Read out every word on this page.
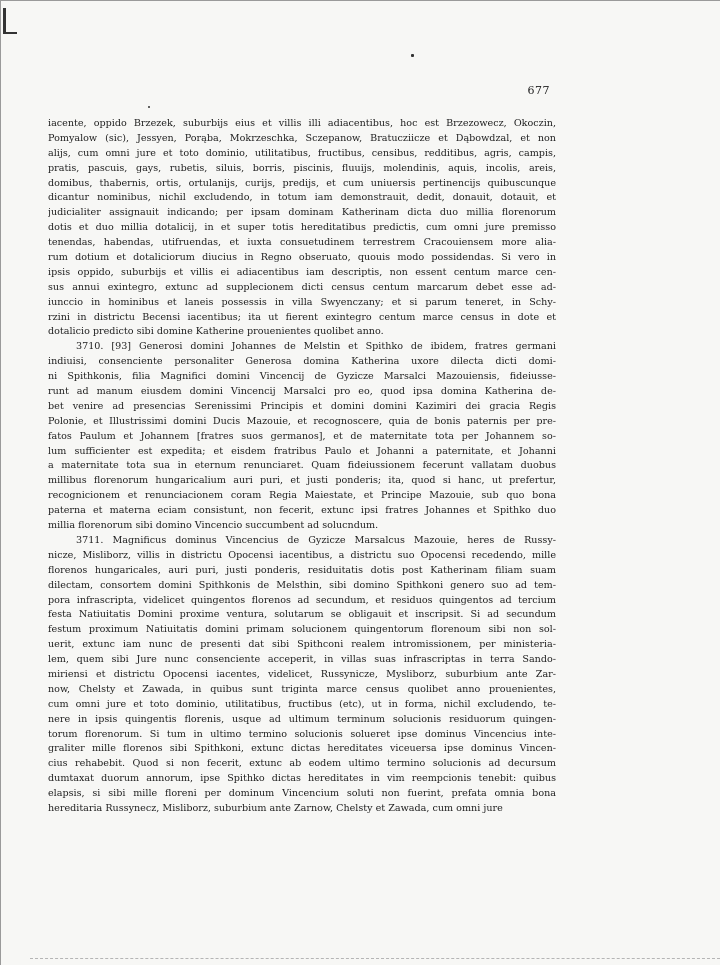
677
iacente, oppido Brzezek, suburbijs eius et villis illi adiacentibus, hoc est Brzezowecz, Okoczin,
Pomyalow (sic), Jessyen, Porąba, Mokrzeschka, Sczepanow, Bratucziicze et Dąbowdzal, et non
alijs, cum omni jure et toto dominio, utilitatibus, fructibus, censibus, redditibus, agris, campis,
pratis, pascuis, gays, rubetis, siluis, borris, piscinis, fluuijs, molendinis, aquis, incolis, areis,
domibus, thabernis, ortis, ortulanijs, curijs, predijs, et cum uniuersis pertinencijs quibuscunque
dicantur nominibus, nichil excludendo, in totum iam demonstrauit, dedit, donauit, dotauit, et
judicialiter assignauit indicando; per ipsam dominam Katherinam dicta duo millia florenorum
dotis et duo millia dotalicij, in et super totis hereditatibus predictis, cum omni jure premisso
tenendas, habendas, utifruendas, et iuxta consuetudinem terrestrem Cracouiensem more alia-
rum dotium et dotaliciorum diucius in Regno obseruato, quouis modo possidendas. Si vero in
ipsis oppido, suburbijs et villis ei adiacentibus iam descriptis, non essent centum marce cen-
sus annui exintegro, extunc ad supplecionem dicti census centum marcarum debet esse ad-
iunccio in hominibus et laneis possessis in villa Swyenczany; et si parum teneret, in Schy-
rzini in districtu Becensi iacentibus; ita ut fierent exintegro centum marce census in dote et
dotalicio predicto sibi domine Katherine prouenientes quolibet anno.
3710. [93] Generosi domini Johannes de Melstin et Spithko de ibidem, fratres germani
indiuisi, consenciente personaliter Generosa domina Katherina uxore dilecta dicti domi-
ni Spithkonis, filia Magnifici domini Vincencij de Gyzicze Marsalci Mazouiensis, fideiusse-
runt ad manum eiusdem domini Vincencij Marsalci pro eo, quod ipsa domina Katherina de-
bet venire ad presencias Serenissimi Principis et domini domini Kazimiri dei gracia Regis
Polonie, et Illustrissimi domini Ducis Mazouie, et recognoscere, quia de bonis paternis per pre-
fatos Paulum et Johannem [fratres suos germanos], et de maternitate tota per Johannem so-
lum sufficienter est expedita; et eisdem fratribus Paulo et Johanni a paternitate, et Johanni
a maternitate tota sua in eternum renunciaret. Quam fideiussionem fecerunt vallatam duobus
millibus florenorum hungaricalium auri puri, et justi ponderis; ita, quod si hanc, ut prefertur,
recognicionem et renunciacionem coram Regia Maiestate, et Principe Mazouie, sub quo bona
paterna et materna eciam consistunt, non fecerit, extunc ipsi fratres Johannes et Spithko duo
millia florenorum sibi domino Vincencio succumbent ad solucndum.
3711. Magnificus dominus Vincencius de Gyzicze Marsalcus Mazouie, heres de Russy-
nicze, Misliborz, villis in districtu Opocensi iacentibus, a districtu suo Opocensi recedendo, mille
florenos hungaricales, auri puri, justi ponderis, residuitatis dotis post Katherinam filiam suam
dilectam, consortem domini Spithkonis de Melsthin, sibi domino Spithkoni genero suo ad tem-
pora infrascripta, videlicet quingentos florenos ad secundum, et residuos quingentos ad tercium
festa Natiuitatis Domini proxime ventura, solutarum se obligauit et inscripsit. Si ad secundum
festum proximum Natiuitatis domini primam solucionem quingentorum florenoum sibi non sol-
uerit, extunc iam nunc de presenti dat sibi Spithconi realem intromissionem, per ministeria-
lem, quem sibi Jure nunc consenciente acceperit, in villas suas infrascriptas in terra Sando-
miriensi et districtu Opocensi iacentes, videlicet, Russynicze, Mysliborz, suburbium ante Zar-
now, Chelsty et Zawada, in quibus sunt triginta marce census quolibet anno prouenientes,
cum omni jure et toto dominio, utilitatibus, fructibus (etc), ut in forma, nichil excludendo, te-
nere in ipsis quingentis florenis, usque ad ultimum terminum solucionis residuorum quingen-
torum florenorum. Si tum in ultimo termino solucionis solueret ipse dominus Vincencius inte-
graliter mille florenos sibi Spithkoni, extunc dictas hereditates viceuersa ipse dominus Vincen-
cius rehabebit. Quod si non fecerit, extunc ab eodem ultimo termino solucionis ad decursum
dumtaxat duorum annorum, ipse Spithko dictas hereditates in vim reempcionis tenebit: quibus
elapsis, si sibi mille floreni per dominum Vincencium soluti non fuerint, prefata omnia bona
hereditaria Russynecz, Misliborz, suburbium ante Zarnow, Chelsty et Zawada, cum omni jure
